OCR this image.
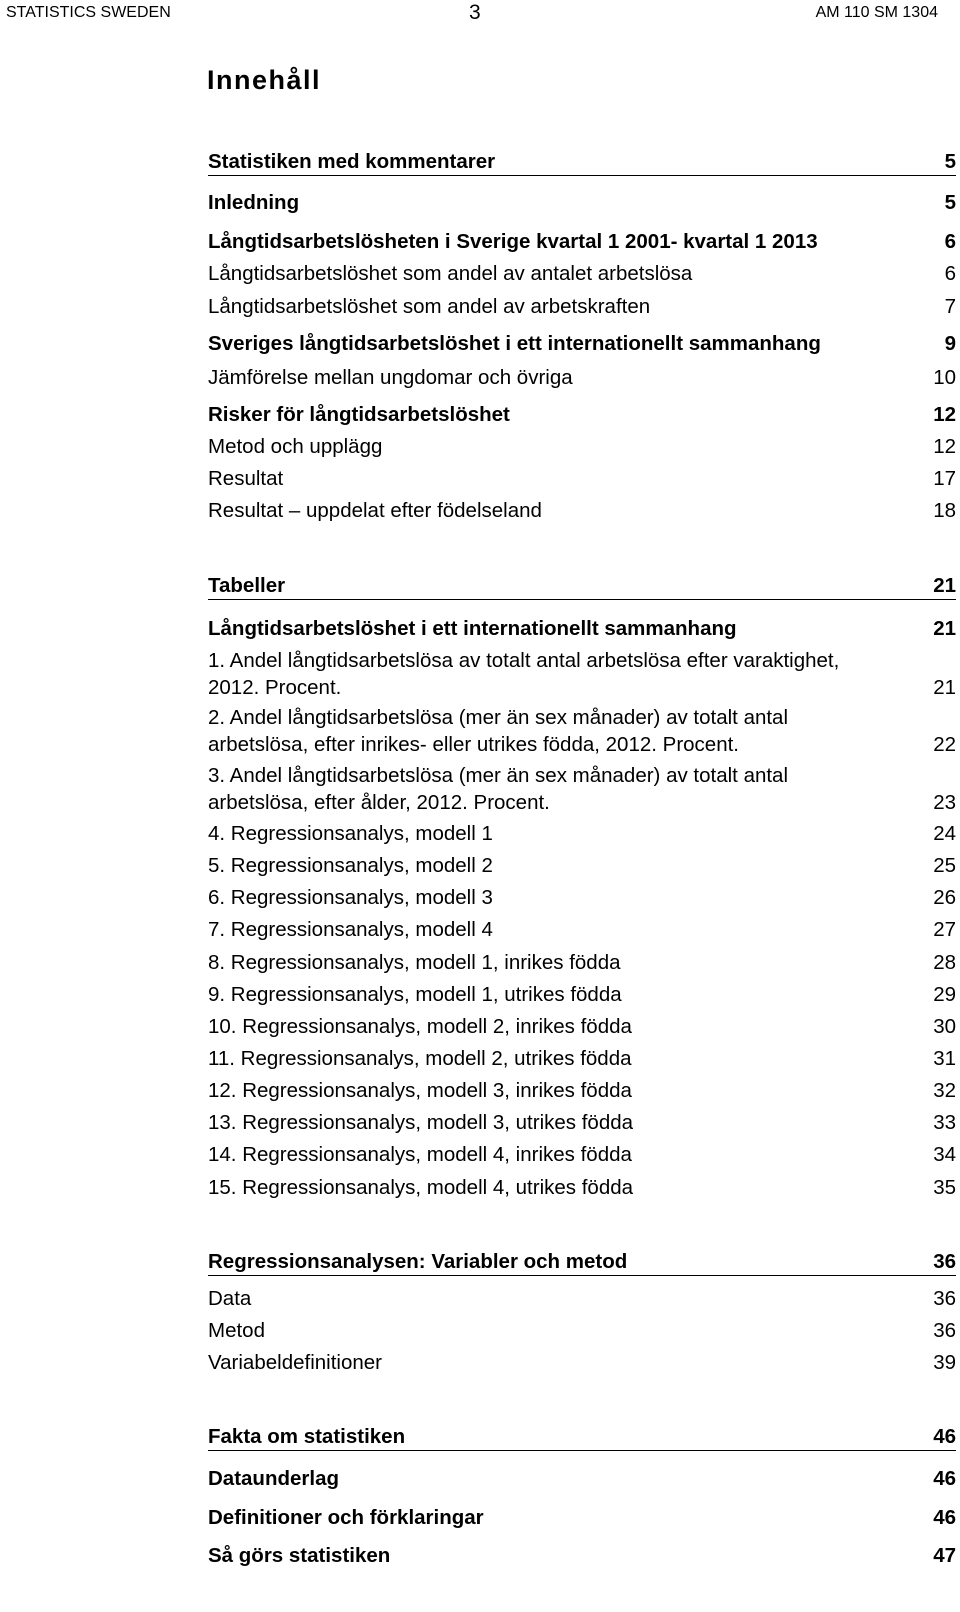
STATISTICS SWEDEN	3	AM 110 SM 1304
Innehåll
Statistiken med kommentarer	5
Inledning	5
Långtidsarbetslösheten i Sverige kvartal 1 2001- kvartal 1 2013	6
Långtidsarbetslöshet som andel av antalet arbetslösa	6
Långtidsarbetslöshet som andel av arbetskraften	7
Sveriges långtidsarbetslöshet i ett internationellt sammanhang	9
Jämförelse mellan ungdomar och övriga	10
Risker för långtidsarbetslöshet	12
Metod och upplägg	12
Resultat	17
Resultat – uppdelat efter födelseland	18
Tabeller	21
Långtidsarbetslöshet i ett internationellt sammanhang	21
1. Andel långtidsarbetslösa av totalt antal arbetslösa efter varaktighet, 2012. Procent.	21
2. Andel långtidsarbetslösa (mer än sex månader) av totalt antal arbetslösa, efter inrikes- eller utrikes födda, 2012. Procent.	22
3. Andel långtidsarbetslösa (mer än sex månader) av totalt antal arbetslösa, efter ålder, 2012. Procent.	23
4. Regressionsanalys, modell 1	24
5. Regressionsanalys, modell 2	25
6. Regressionsanalys, modell 3	26
7. Regressionsanalys, modell 4	27
8. Regressionsanalys, modell 1, inrikes födda	28
9. Regressionsanalys, modell 1, utrikes födda	29
10. Regressionsanalys, modell 2, inrikes födda	30
11. Regressionsanalys, modell 2, utrikes födda	31
12. Regressionsanalys, modell 3, inrikes födda	32
13. Regressionsanalys, modell 3, utrikes födda	33
14. Regressionsanalys, modell 4, inrikes födda	34
15. Regressionsanalys, modell 4, utrikes födda	35
Regressionsanalysen: Variabler och metod	36
Data	36
Metod	36
Variabeldefinitioner	39
Fakta om statistiken	46
Dataunderlag	46
Definitioner och förklaringar	46
Så görs statistiken	47
